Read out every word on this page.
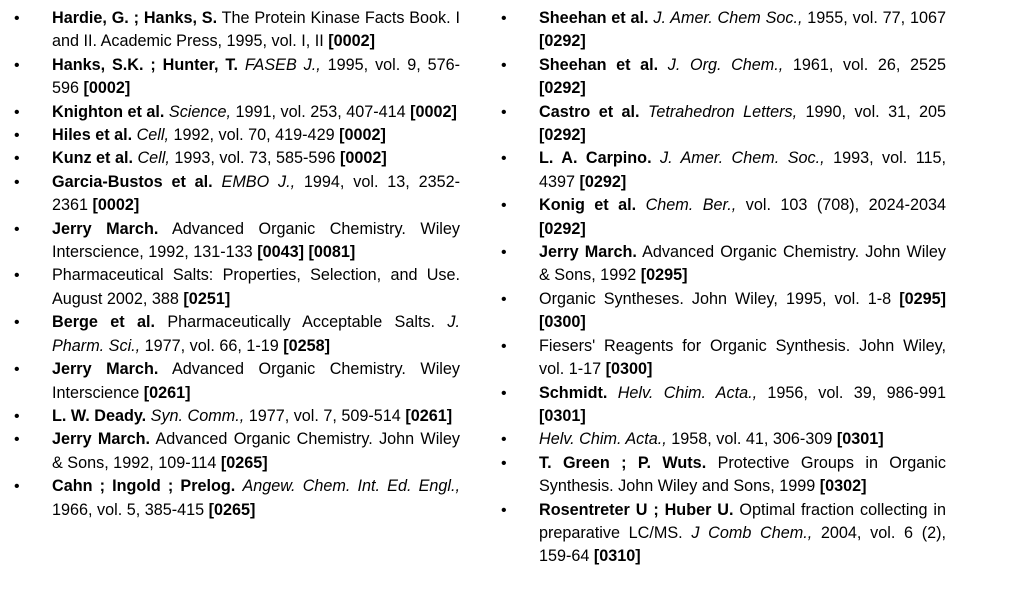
• Hardie, G. ; Hanks, S. The Protein Kinase Facts Book. I and II. Academic Press, 1995, vol. I, II [0002]
• Hanks, S.K. ; Hunter, T. FASEB J., 1995, vol. 9, 576-596 [0002]
• Knighton et al. Science, 1991, vol. 253, 407-414 [0002]
• Hiles et al. Cell, 1992, vol. 70, 419-429 [0002]
• Kunz et al. Cell, 1993, vol. 73, 585-596 [0002]
• Garcia-Bustos et al. EMBO J., 1994, vol. 13, 2352-2361 [0002]
• Jerry March. Advanced Organic Chemistry. Wiley Interscience, 1992, 131-133 [0043] [0081]
• Pharmaceutical Salts: Properties, Selection, and Use. August 2002, 388 [0251]
• Berge et al. Pharmaceutically Acceptable Salts. J. Pharm. Sci., 1977, vol. 66, 1-19 [0258]
• Jerry March. Advanced Organic Chemistry. Wiley Interscience [0261]
• L. W. Deady. Syn. Comm., 1977, vol. 7, 509-514 [0261]
• Jerry March. Advanced Organic Chemistry. John Wiley & Sons, 1992, 109-114 [0265]
• Cahn ; Ingold ; Prelog. Angew. Chem. Int. Ed. Engl., 1966, vol. 5, 385-415 [0265]
• Sheehan et al. J. Amer. Chem Soc., 1955, vol. 77, 1067 [0292]
• Sheehan et al. J. Org. Chem., 1961, vol. 26, 2525 [0292]
• Castro et al. Tetrahedron Letters, 1990, vol. 31, 205 [0292]
• L. A. Carpino. J. Amer. Chem. Soc., 1993, vol. 115, 4397 [0292]
• Konig et al. Chem. Ber., vol. 103 (708), 2024-2034 [0292]
• Jerry March. Advanced Organic Chemistry. John Wiley & Sons, 1992 [0295]
• Organic Syntheses. John Wiley, 1995, vol. 1-8 [0295] [0300]
• Fiesers' Reagents for Organic Synthesis. John Wiley, vol. 1-17 [0300]
• Schmidt. Helv. Chim. Acta., 1956, vol. 39, 986-991 [0301]
• Helv. Chim. Acta., 1958, vol. 41, 306-309 [0301]
• T. Green ; P. Wuts. Protective Groups in Organic Synthesis. John Wiley and Sons, 1999 [0302]
• Rosentreter U ; Huber U. Optimal fraction collecting in preparative LC/MS. J Comb Chem., 2004, vol. 6 (2), 159-64 [0310]
